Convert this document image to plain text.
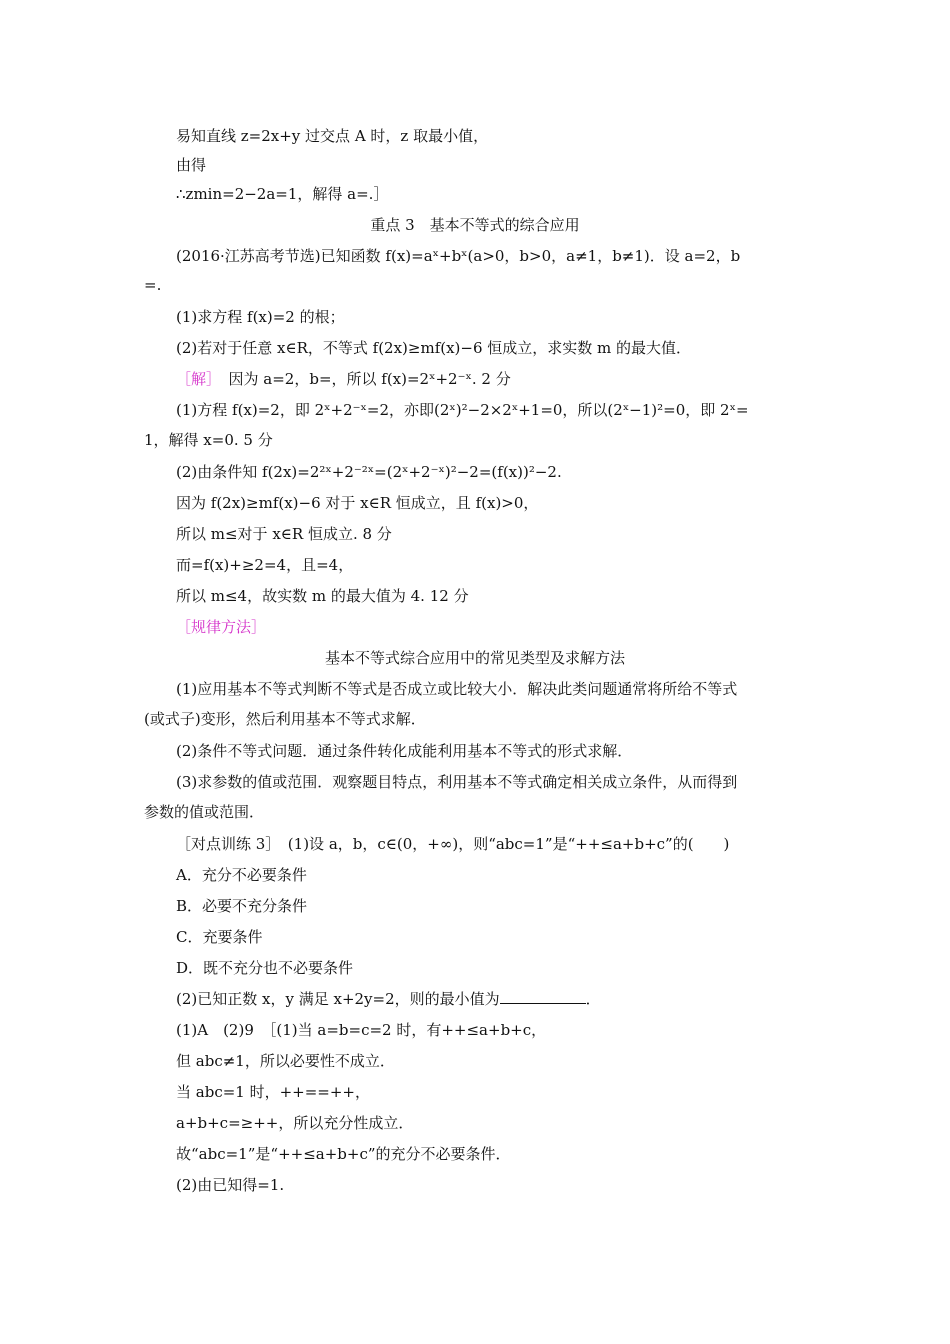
易知直线 z=2x+y 过交点 A 时，z 取最小值，
由得
∴zmin=2−2a=1，解得 a=.］
重点 3　基本不等式的综合应用
(2016·江苏高考节选)已知函数 f(x)=aˣ+bˣ(a>0，b>0，a≠1，b≠1)．设 a=2，b
=.
(1)求方程 f(x)=2 的根；
(2)若对于任意 x∈R，不等式 f(2x)≥mf(x)−6 恒成立，求实数 m 的最大值．
［解］　因为 a=2，b=，所以 f(x)=2ˣ+2⁻ˣ. 2 分
(1)方程 f(x)=2，即 2ˣ+2⁻ˣ=2，亦即(2ˣ)²−2×2ˣ+1=0，所以(2ˣ−1)²=0，即 2ˣ=
1，解得 x=0. 5 分
(2)由条件知 f(2x)=2²ˣ+2⁻²ˣ=(2ˣ+2⁻ˣ)²−2=(f(x))²−2.
因为 f(2x)≥mf(x)−6 对于 x∈R 恒成立，且 f(x)>0，
所以 m≤对于 x∈R 恒成立. 8 分
而=f(x)+≥2=4，且=4，
所以 m≤4，故实数 m 的最大值为 4. 12 分
［规律方法］
基本不等式综合应用中的常见类型及求解方法
(1)应用基本不等式判断不等式是否成立或比较大小．解决此类问题通常将所给不等式
(或式子)变形，然后利用基本不等式求解．
(2)条件不等式问题．通过条件转化成能利用基本不等式的形式求解．
(3)求参数的值或范围．观察题目特点，利用基本不等式确定相关成立条件，从而得到
参数的值或范围．
［对点训练 3］　(1)设 a，b，c∈(0，+∞)，则“abc=1”是“++≤a+b+c”的(　　)
A．充分不必要条件
B．必要不充分条件
C．充要条件
D．既不充分也不必要条件
(2)已知正数 x，y 满足 x+2y=2，则的最小值为	．
(1)A　(2)9　［(1)当 a=b=c=2 时，有++≤a+b+c，
但 abc≠1，所以必要性不成立．
当 abc=1 时，++==++，
a+b+c=≥++，所以充分性成立．
故“abc=1”是“++≤a+b+c”的充分不必要条件．
(2)由已知得=1.
